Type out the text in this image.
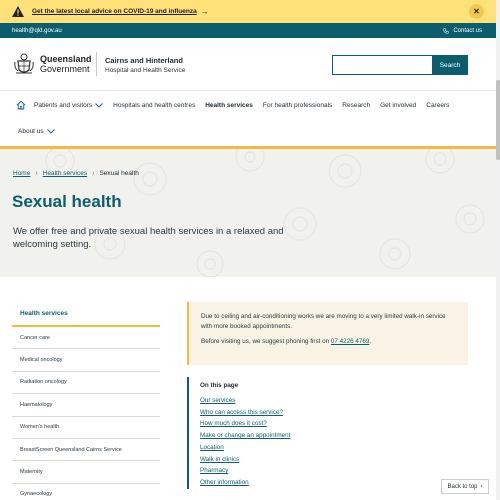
Get the latest local advice on COVID-19 and influenza →	✕
health@qld.gov.au	Contact us
Queensland
Government
Cairns and Hinterland
Hospital and Health Service
Search
Patients and visitors	Hospitals and health centres Health services For health professionals Research Get involved Careers
About us
Home › Health services › Sexual health
Sexual health

We offer free and private sexual health services in a relaxed and welcoming setting.

Health services
Cancer care
Medical oncology
Radiation oncology
Haematology
Women's health
BreastScreen Queensland Cairns Service
Maternity
Gynaecology

Due to ceiling and air-conditioning works we are moving to a very limited walk-in service with more booked appointments.

Before visiting us, we suggest phoning first on 07 4226 4769.

On this page
Our services
Who can access this service?
How much does it cost?
Make or change an appointment
Location
Walk in clinics
Pharmacy
Other information
Back to top ›
